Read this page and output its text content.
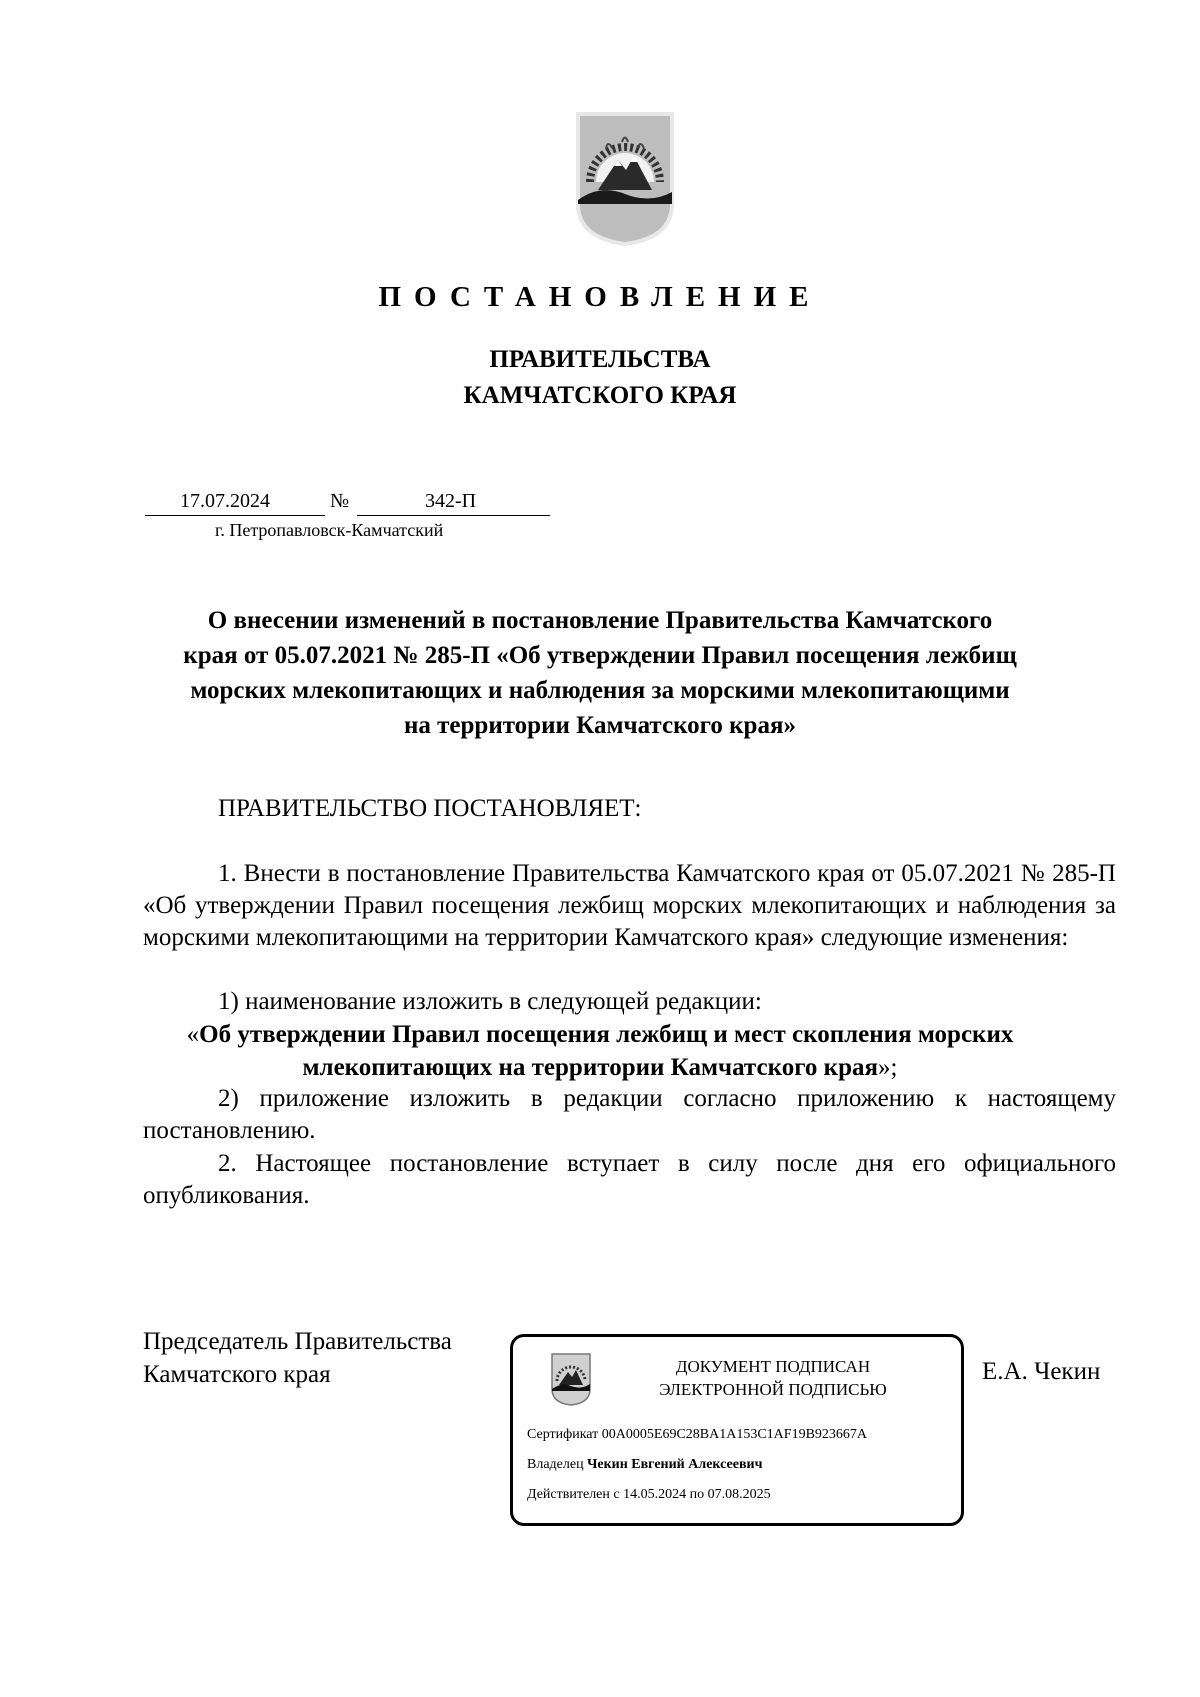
ПОСТАНОВЛЕНИЕ
ПРАВИТЕЛЬСТВА
КАМЧАТСКОГО КРАЯ
17.07.2024	№	342-П
г. Петропавловск-Камчатский
О внесении изменений в постановление Правительства Камчатского
края от 05.07.2021 № 285-П «Об утверждении Правил посещения лежбищ
морских млекопитающих и наблюдения за морскими млекопитающими
на территории Камчатского края»
ПРАВИТЕЛЬСТВО ПОСТАНОВЛЯЕТ:
1. Внести в постановление Правительства Камчатского края от 05.07.2021 № 285-П «Об утверждении Правил посещения лежбищ морских млекопитающих и наблюдения за морскими млекопитающими на территории Камчатского края» следующие изменения:
1) наименование изложить в следующей редакции:
«Об утверждении Правил посещения лежбищ и мест скопления морских
млекопитающих на территории Камчатского края»;
2) приложение изложить в редакции согласно приложению к настоящему постановлению.
2. Настоящее постановление вступает в силу после дня его официального опубликования.
Председатель Правительства
Камчатского края	ДОКУМЕНТ ПОДПИСАН
ЭЛЕКТРОННОЙ ПОДПИСЬЮ
Сертификат 00A0005E69C28BA1A153C1AF19B923667A
Владелец Чекин Евгений Алексеевич
Действителен с 14.05.2024 по 07.08.2025
Е.А. Чекин
